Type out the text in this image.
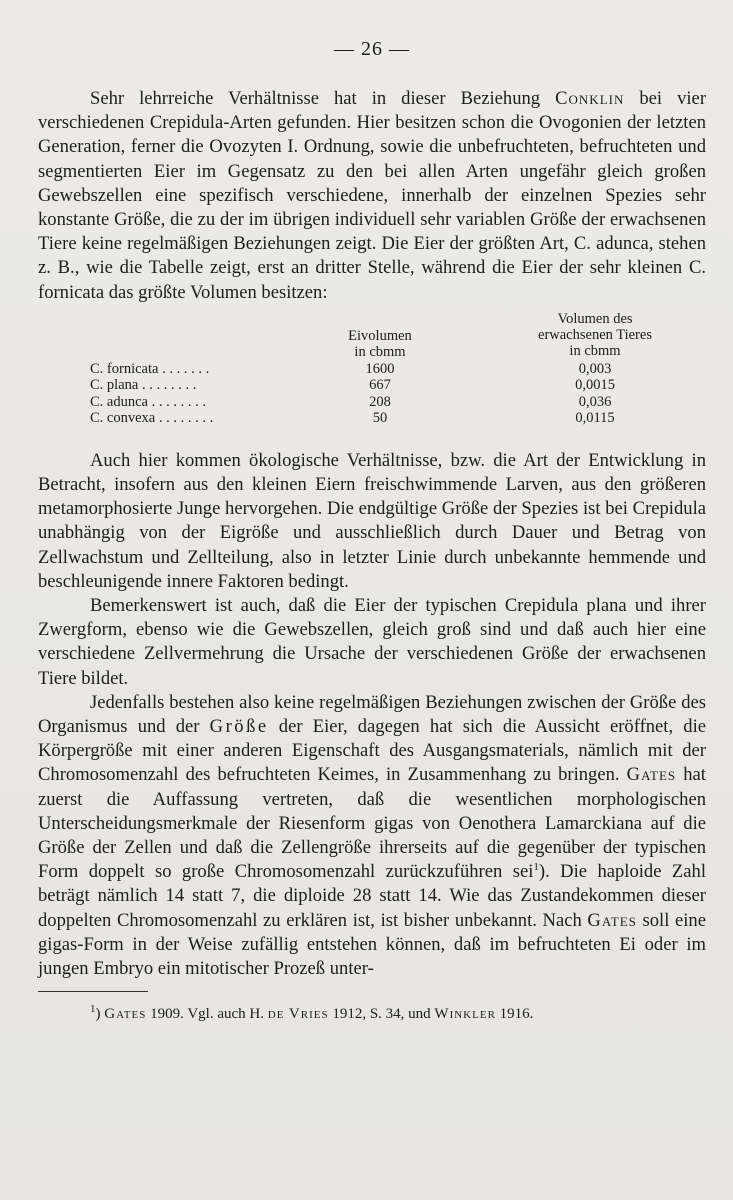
— 26 —

Sehr lehrreiche Verhältnisse hat in dieser Beziehung Conklin bei vier verschiedenen Crepidula-Arten gefunden. Hier besitzen schon die Ovogonien der letzten Generation, ferner die Ovozyten I. Ordnung, sowie die unbefruchteten, befruchteten und segmentierten Eier im Gegensatz zu den bei allen Arten ungefähr gleich großen Gewebszellen eine spezifisch verschiedene, innerhalb der einzelnen Spezies sehr konstante Größe, die zu der im übrigen individuell sehr variablen Größe der erwachsenen Tiere keine regelmäßigen Beziehungen zeigt. Die Eier der größten Art, C. adunca, stehen z. B., wie die Tabelle zeigt, erst an dritter Stelle, während die Eier der sehr kleinen C. fornicata das größte Volumen besitzen:

Volumen des
erwachsenen Tieres
in cbmm
Eivolumen
in cbmm
C. fornicata . . . . . . .	1600	0,003
C. plana . . . . . . . .	667	0,0015
C. adunca . . . . . . . .	208	0,036
C. convexa . . . . . . . .	50	0,0115

Auch hier kommen ökologische Verhältnisse, bzw. die Art der Entwicklung in Betracht, insofern aus den kleinen Eiern freischwimmende Larven, aus den größeren metamorphosierte Junge hervorgehen. Die endgültige Größe der Spezies ist bei Crepidula unabhängig von der Eigröße und ausschließlich durch Dauer und Betrag von Zellwachstum und Zellteilung, also in letzter Linie durch unbekannte hemmende und beschleunigende innere Faktoren bedingt.

Bemerkenswert ist auch, daß die Eier der typischen Crepidula plana und ihrer Zwergform, ebenso wie die Gewebszellen, gleich groß sind und daß auch hier eine verschiedene Zellvermehrung die Ursache der verschiedenen Größe der erwachsenen Tiere bildet.

Jedenfalls bestehen also keine regelmäßigen Beziehungen zwischen der Größe des Organismus und der Größe der Eier, dagegen hat sich die Aussicht eröffnet, die Körpergröße mit einer anderen Eigenschaft des Ausgangsmaterials, nämlich mit der Chromosomenzahl des befruchteten Keimes, in Zusammenhang zu bringen. Gates hat zuerst die Auffassung vertreten, daß die wesentlichen morphologischen Unterscheidungsmerkmale der Riesenform gigas von Oenothera Lamarckiana auf die Größe der Zellen und daß die Zellengröße ihrerseits auf die gegenüber der typischen Form doppelt so große Chromosomenzahl zurückzuführen sei$^1$). Die haploide Zahl beträgt nämlich 14 statt 7, die diploide 28 statt 14. Wie das Zustandekommen dieser doppelten Chromosomenzahl zu erklären ist, ist bisher unbekannt. Nach Gates soll eine gigas-Form in der Weise zufällig entstehen können, daß im befruchteten Ei oder im jungen Embryo ein mitotischer Prozeß unter-

$^1$) Gates 1909. Vgl. auch H. de Vries 1912, S. 34, und Winkler 1916.
